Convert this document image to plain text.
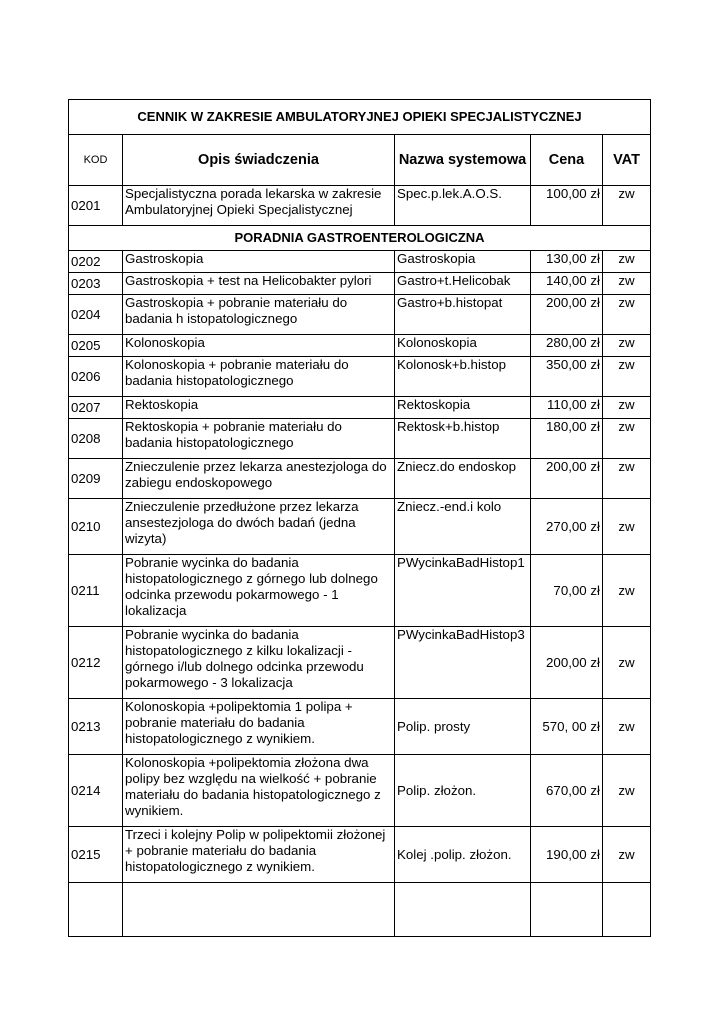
CENNIK W ZAKRESIE AMBULATORYJNEJ OPIEKI SPECJALISTYCZNEJ				
KOD	Opis świadczenia	Nazwa systemowa	Cena	VAT
0201	Specjalistyczna porada lekarska w zakresie Ambulatoryjnej Opieki Specjalistycznej	Spec.p.lek.A.O.S.	100,00 zł	zw
PORADNIA GASTROENTEROLOGICZNA				
0202	Gastroskopia	Gastroskopia	130,00 zł	zw
0203	Gastroskopia + test na Helicobakter pylori	Gastro+t.Helicobak	140,00 zł	zw
0204	Gastroskopia + pobranie materiału do badania h istopatologicznego	Gastro+b.histopat	200,00 zł	zw
0205	Kolonoskopia	Kolonoskopia	280,00 zł	zw
0206	Kolonoskopia + pobranie materiału do badania histopatologicznego	Kolonosk+b.histop	350,00 zł	zw
0207	Rektoskopia	Rektoskopia	110,00 zł	zw
0208	Rektoskopia + pobranie materiału do badania histopatologicznego	Rektosk+b.histop	180,00 zł	zw
0209	Znieczulenie przez lekarza anestezjologa do zabiegu endoskopowego	Zniecz.do endoskop	200,00 zł	zw
0210	Znieczulenie przedłużone przez lekarza ansestezjologa do dwóch badań (jedna wizyta)	Zniecz.-end.i kolo	270,00 zł	zw
0211	Pobranie wycinka do badania histopatologicznego z górnego lub dolnego odcinka przewodu pokarmowego - 1 lokalizacja	PWycinkaBadHistop1	70,00 zł	zw
0212	Pobranie wycinka do badania histopatologicznego z kilku lokalizacji - górnego i/lub dolnego odcinka przewodu pokarmowego - 3 lokalizacja	PWycinkaBadHistop3	200,00 zł	zw
0213	Kolonoskopia +polipektomia 1 polipa + pobranie materiału do badania histopatologicznego z wynikiem.	Polip. prosty	570, 00 zł	zw
0214	Kolonoskopia +polipektomia złożona dwa polipy bez względu na wielkość + pobranie materiału do badania histopatologicznego z wynikiem.	Polip. złożon.	670,00 zł	zw
0215	Trzeci i kolejny Polip w polipektomii złożonej + pobranie materiału do badania histopatologicznego z wynikiem.	Kolej .polip. złożon.	190,00 zł	zw
